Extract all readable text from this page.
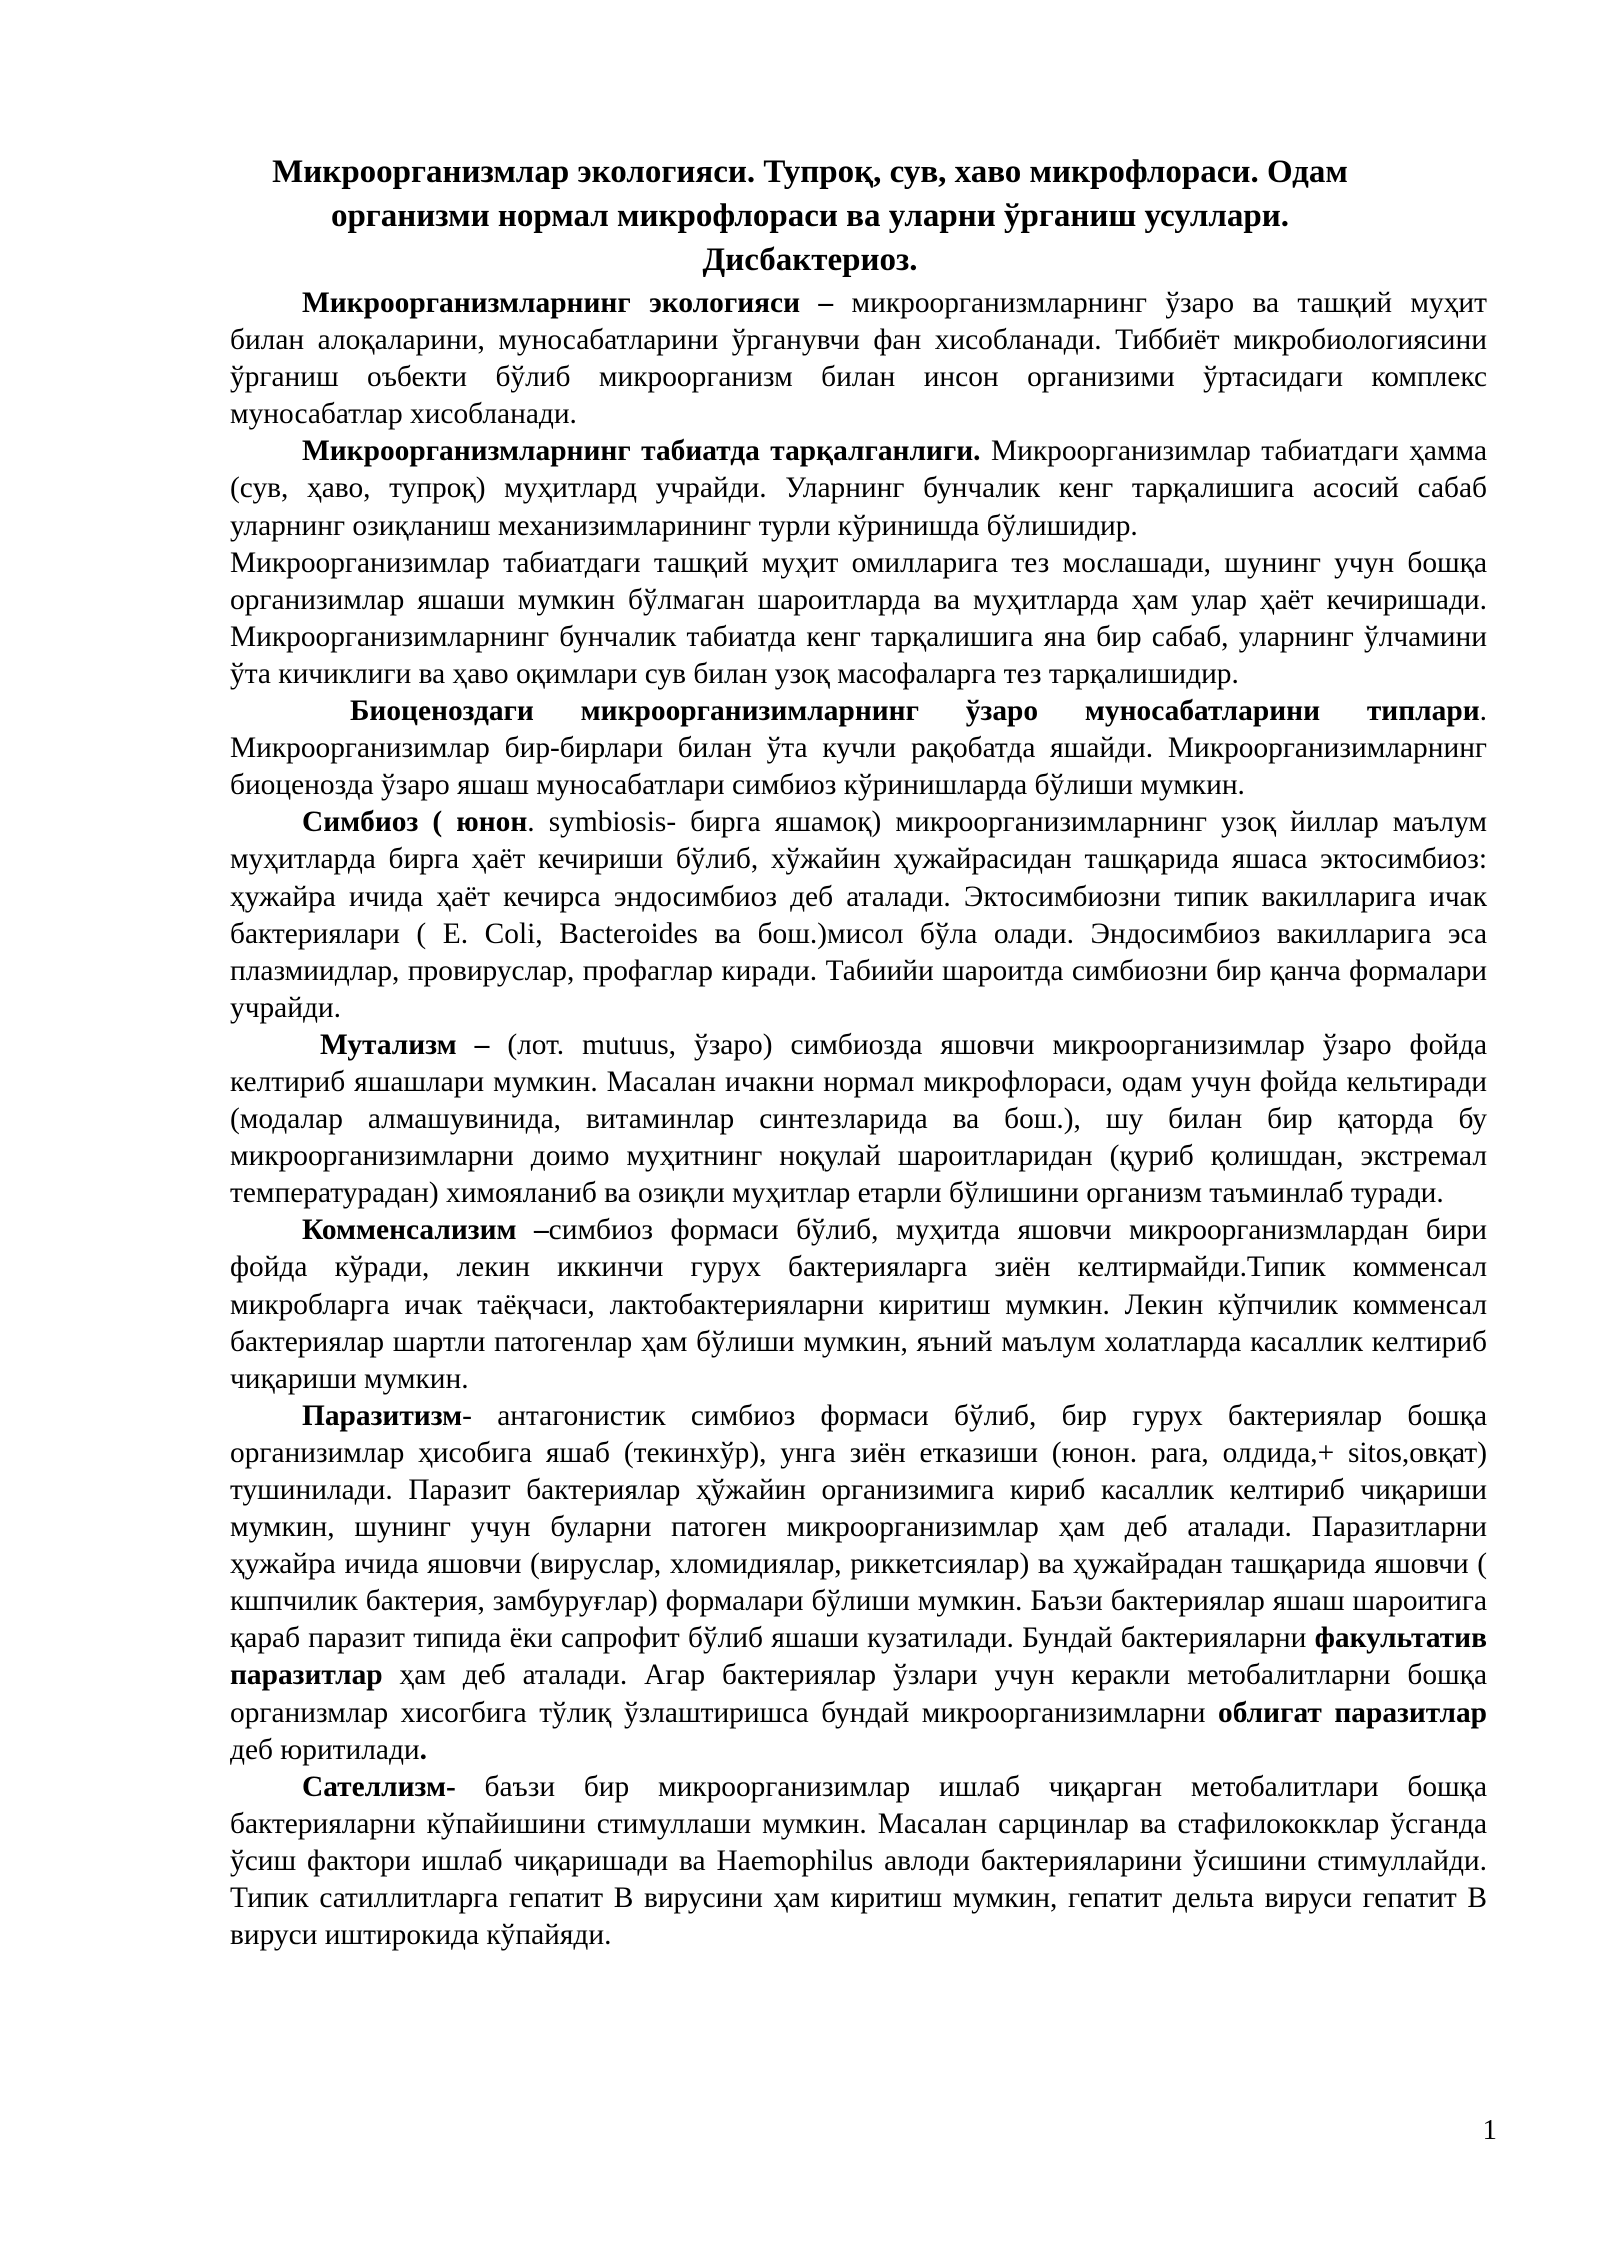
Микроорганизмлар экологияси. Тупроқ, сув, хаво микрофлораси. Одам организми нормал микрофлораси ва уларни ўрганиш усуллари. Дисбактериоз.

Микроорганизмларнинг экологияси – микроорганизмларнинг ўзаро ва ташқий муҳит билан алоқаларини, муносабатларини ўрганувчи фан хисобланади. Тиббиёт микробиологиясини ўрганиш оъбекти бўлиб микроорганизм билан инсон организими ўртасидаги комплекс муносабатлар хисобланади.

Микроорганизмларнинг табиатда тарқалганлиги. Микроорганизимлар табиатдаги ҳамма (сув, ҳаво, тупроқ) муҳитлард учрайди. Уларнинг бунчалик кенг тарқалишига асосий сабаб уларнинг озиқланиш механизимларининг турли кўринишда бўлишидир.

Микроорганизимлар табиатдаги ташқий муҳит омилларига тез мослашади, шунинг учун бошқа организимлар яшаши мумкин бўлмаган шароитларда ва муҳитларда ҳам улар ҳаёт кечиришади. Микроорганизимларнинг бунчалик табиатда кенг тарқалишига яна бир сабаб, уларнинг ўлчамини ўта кичиклиги ва ҳаво оқимлари сув билан узоқ масофаларга тез тарқалишидир.

Биоценоздаги микроорганизимларнинг ўзаро муносабатларини типлари. Микроорганизимлар бир-бирлари билан ўта кучли рақобатда яшайди. Микроорганизимларнинг биоценозда ўзаро яшаш муносабатлари симбиоз кўринишларда бўлиши мумкин.

Симбиоз ( юнон. symbiosis- бирга яшамоқ) микроорганизимларнинг узоқ йиллар маълум муҳитларда бирга ҳаёт кечириши бўлиб, хўжайин ҳужайрасидан ташқарида яшаса эктосимбиоз: ҳужайра ичида ҳаёт кечирса эндосимбиоз деб аталади. Эктосимбиозни типик вакилларига ичак бактериялари ( E. Coli, Bacteroides ва бош.)мисол бўла олади. Эндосимбиоз вакилларига эса плазмиидлар, провируслар, профаглар киради. Табиийи шароитда симбиозни бир қанча формалари учрайди.

Мутализм – (лот. mutuus, ўзаро) симбиозда яшовчи микроорганизимлар ўзаро фойда келтириб яшашлари мумкин. Масалан ичакни нормал микрофлораси, одам учун фойда кельтиради (модалар алмашувинида, витаминлар синтезларида ва бош.), шу билан бир қаторда бу микроорганизимларни доимо муҳитнинг ноқулай шароитларидан (қуриб қолишдан, экстремал температурадан) химояланиб ва озиқли муҳитлар етарли бўлишини организм таъминлаб туради.

Комменсализим –симбиоз формаси бўлиб, муҳитда яшовчи микроорганизмлардан бири фойда кўради, лекин иккинчи гурух бактерияларга зиён келтирмайди.Типик комменсал микробларга ичак таёқчаси, лактобактерияларни киритиш мумкин. Лекин кўпчилик комменсал бактериялар шартли патогенлар ҳам бўлиши мумкин, яъний маълум холатларда касаллик келтириб чиқариши мумкин.

Паразитизм- антагонистик симбиоз формаси бўлиб, бир гурух бактериялар бошқа организимлар ҳисобига яшаб (текинхўр), унга зиён етказиши (юнон. para, олдида,+ sitos,овқат) тушинилади. Паразит бактериялар ҳўжайин организимига кириб касаллик келтириб чиқариши мумкин, шунинг учун буларни патоген микроорганизимлар ҳам деб аталади. Паразитларни ҳужайра ичида яшовчи (вируслар, хломидиялар, риккетсиялар) ва ҳужайрадан ташқарида яшовчи ( кшпчилик бактерия, замбуруғлар) формалари бўлиши мумкин. Баъзи бактериялар яшаш шароитига қараб паразит типида ёки сапрофит бўлиб яшаши кузатилади. Бундай бактерияларни факультатив паразитлар ҳам деб аталади. Агар бактериялар ўзлари учун керакли метобалитларни бошқа организмлар хисогбига тўлиқ ўзлаштиришса бундай микроорганизимларни облигат паразитлар деб юритилади.

Сателлизм- баъзи бир микроорганизимлар ишлаб чиқарган метобалитлари бошқа бактерияларни кўпайишини стимуллаши мумкин. Масалан сарцинлар ва стафилококклар ўсганда ўсиш фактори ишлаб чиқаришади ва Haemophilus авлоди бактерияларини ўсишини стимуллайди. Типик сатиллитларга гепатит В вирусини ҳам киритиш мумкин, гепатит дельта вируси гепатит В вируси иштирокида кўпайяди.

1
